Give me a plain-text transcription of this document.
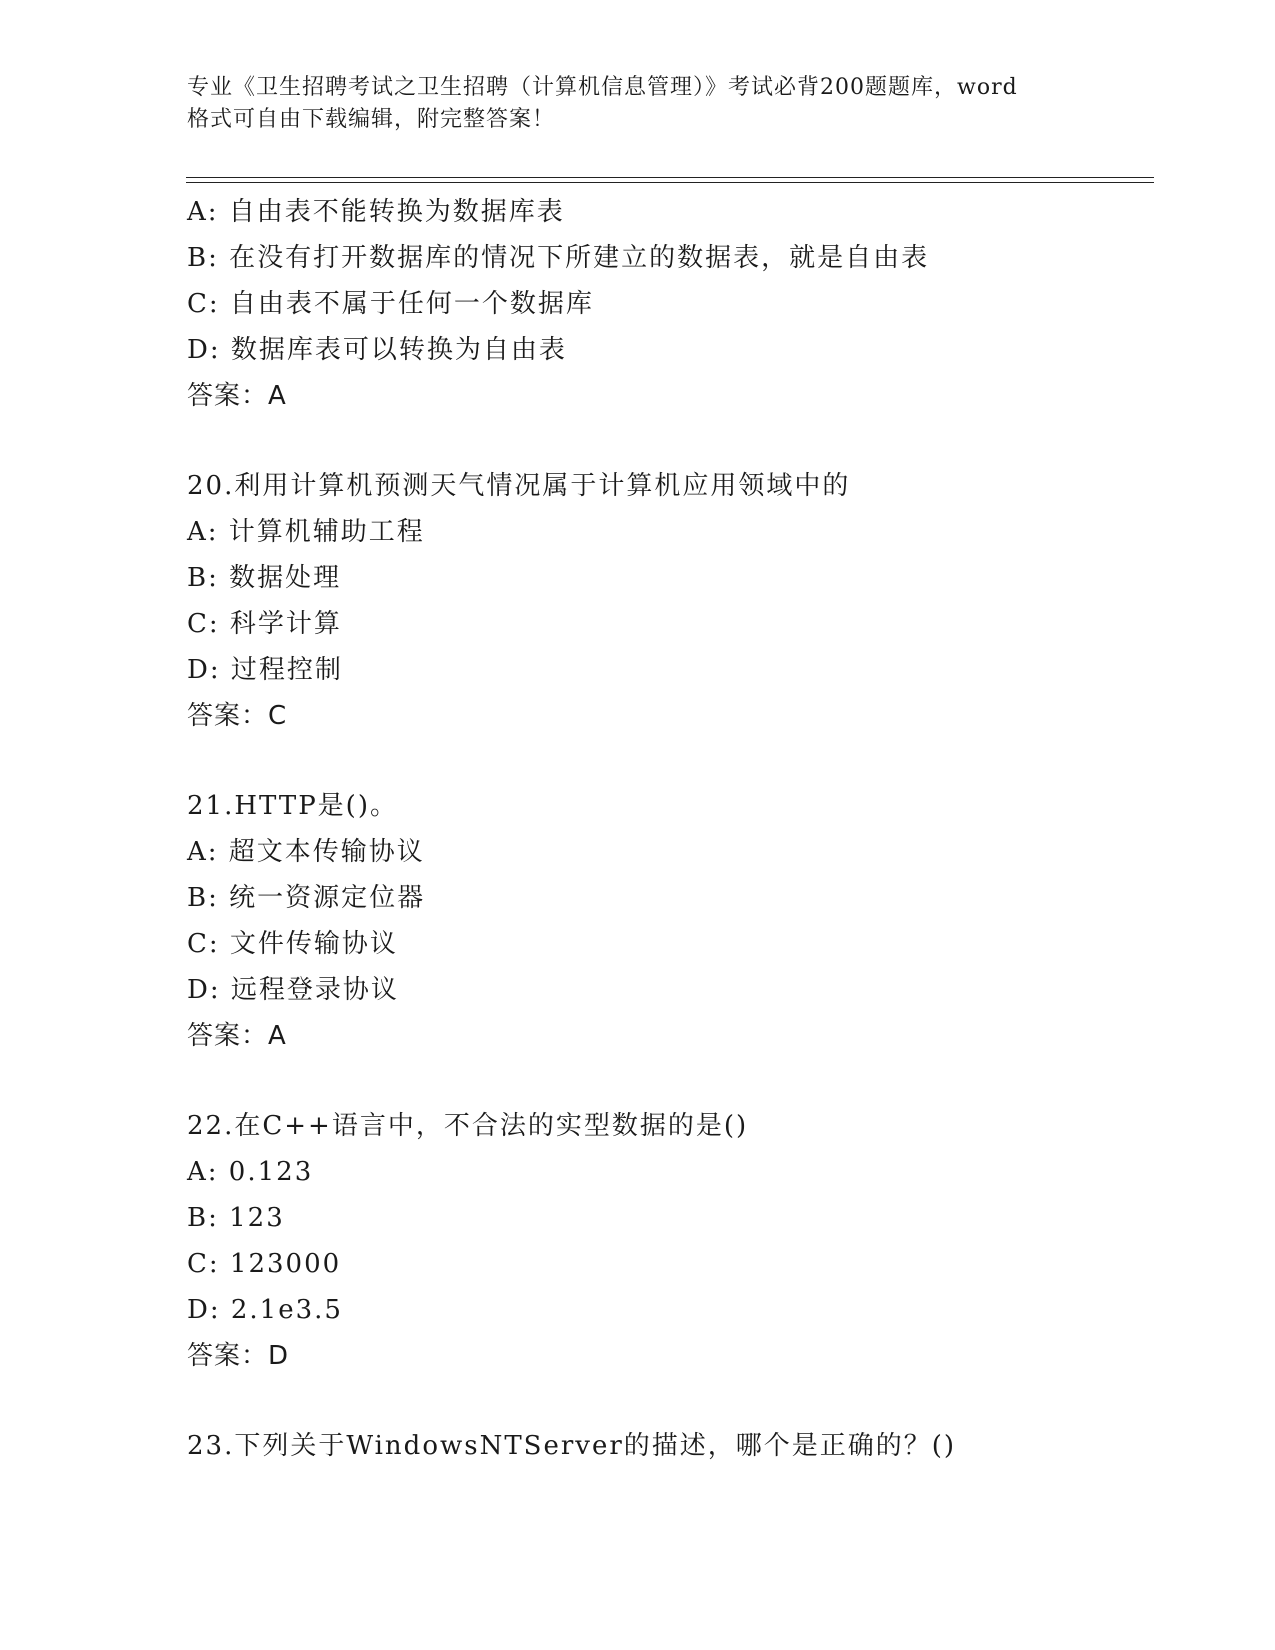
专业《卫生招聘考试之卫生招聘（计算机信息管理）》考试必背200题题库，word
格式可自由下载编辑，附完整答案！
A: 自由表不能转换为数据库表
B: 在没有打开数据库的情况下所建立的数据表，就是自由表
C: 自由表不属于任何一个数据库
D: 数据库表可以转换为自由表
答案：A
20.利用计算机预测天气情况属于计算机应用领域中的
A: 计算机辅助工程
B: 数据处理
C: 科学计算
D: 过程控制
答案：C
21.HTTP是()。
A: 超文本传输协议
B: 统一资源定位器
C: 文件传输协议
D: 远程登录协议
答案：A
22.在C++语言中，不合法的实型数据的是()
A: 0.123
B: 123
C: 123000
D: 2.1e3.5
答案：D
23.下列关于WindowsNTServer的描述，哪个是正确的？()
